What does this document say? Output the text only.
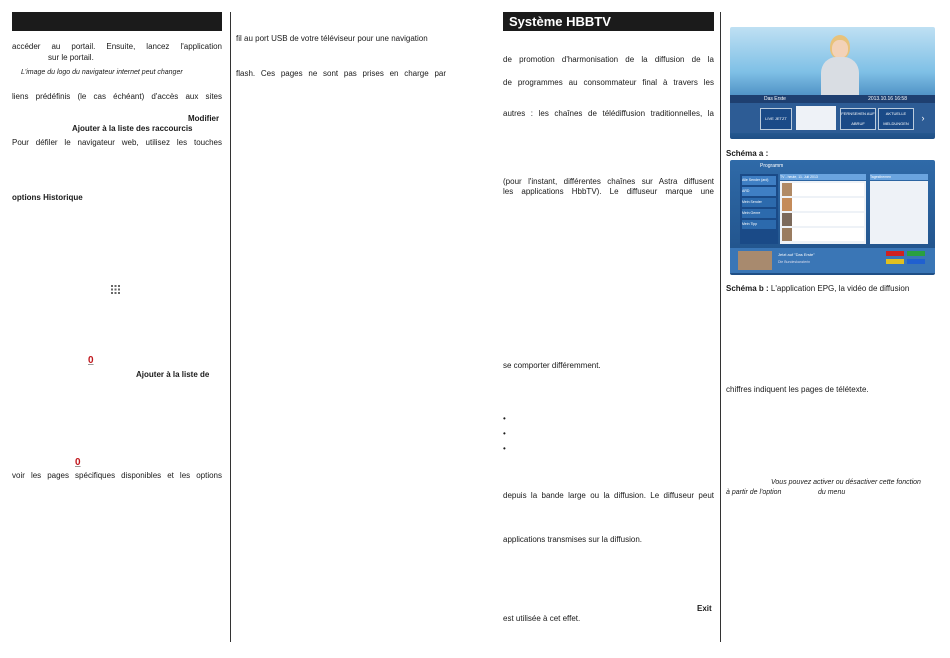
accéder au portail. Ensuite, lancez l'application
sur le portail.
L'image du logo du navigateur internet peut changer
liens prédéfinis (le cas échéant) d'accès aux sites
Modifier
Ajouter à la liste des raccourcis
Pour défiler le navigateur web, utilisez les touches
options Historique
0
Ajouter à la liste de
0
voir les pages spécifiques disponibles et les options
fil au port USB de votre téléviseur pour une navigation
flash. Ces pages ne sont pas prises en charge par
Système HBBTV
de promotion d'harmonisation de la diffusion de la
de programmes au consommateur final à travers les
autres : les chaînes de télédiffusion traditionnelles, la
(pour l'instant, différentes chaînes sur Astra diffusent
les applications HbbTV). Le diffuseur marque une
se comporter différemment.
•
•
•
depuis la bande large ou la diffusion. Le diffuseur peut
applications transmises sur la diffusion.
Exit
est utilisée à cet effet.
Das Erste	2013.10.16 16:58
LIVE JETZT
FERNSEHEN AUF ABRUF
AKTUELLE MELDUNGEN
›
Schéma a :
Programm
Alle Sender (ard)
ARD
Mein Sender
Mein Genre
Mein Tipp
TV - heute, 11. Juli 2013	Tagesthemen
Jetzt auf "Das Erste"
Die Bundeskanzlerin
Schéma b : L'application EPG, la vidéo de diffusion
chiffres indiquent les pages de télétexte.
Vous pouvez activer ou désactiver cette fonction
à partir de l'option	du menu
